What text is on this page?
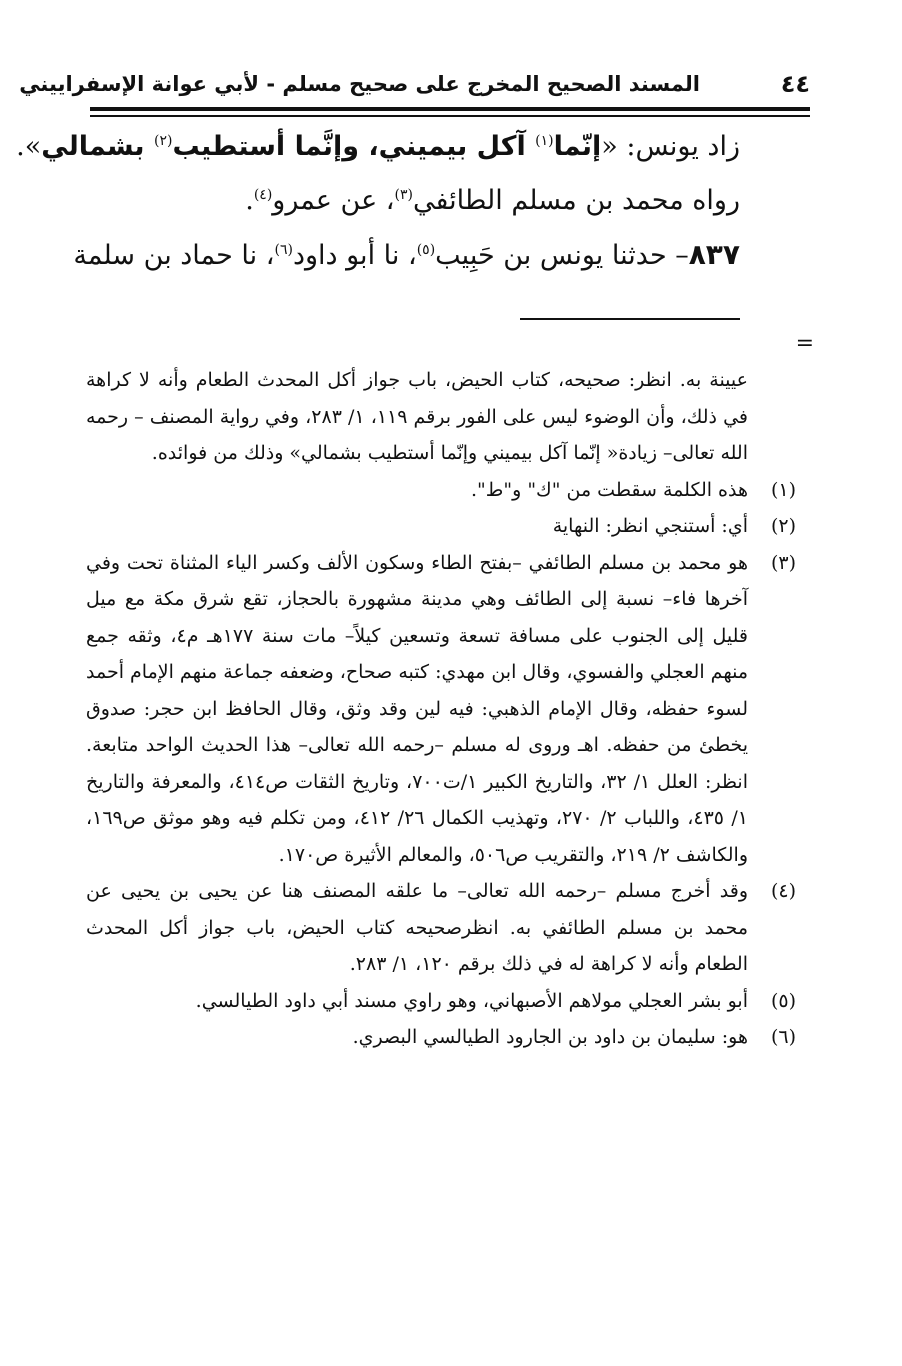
٤٤
المسند الصحيح المخرج على صحيح مسلم - لأبي عوانة الإسفراييني

زاد يونس: «إنّما$^{(١)}$ آكل بيميني، وإنَّما أستطيب$^{(٢)}$ بشمالي».

رواه محمد بن مسلم الطائفي$^{(٣)}$، عن عمرو$^{(٤)}$.

٨٣٧– حدثنا يونس بن حَبِيب$^{(٥)}$، نا أبو داود$^{(٦)}$، نا حماد بن سلمة

=

عيينة به. انظر: صحيحه، كتاب الحيض، باب جواز أكل المحدث الطعام وأنه لا كراهة في ذلك، وأن الوضوء ليس على الفور برقم ١١٩، ١/ ٢٨٣، وفي رواية المصنف – رحمه الله تعالى– زيادة« إنّما آكل بيميني وإنّما أستطيب بشمالي» وذلك من فوائده.

(١)
هذه الكلمة سقطت من "ك" و"ط".

(٢)
أي: أستنجي انظر: النهاية

(٣)
هو محمد بن مسلم الطائفي –بفتح الطاء وسكون الألف وكسر الياء المثناة تحت وفي آخرها فاء– نسبة إلى الطائف وهي مدينة مشهورة بالحجاز، تقع شرق مكة مع ميل قليل إلى الجنوب على مسافة تسعة وتسعين كيلاً– مات سنة ١٧٧هـ م٤، وثقه جمع منهم العجلي والفسوي، وقال ابن مهدي: كتبه صحاح، وضعفه جماعة منهم الإمام أحمد لسوء حفظه، وقال الإمام الذهبي: فيه لين وقد وثق، وقال الحافظ ابن حجر: صدوق يخطئ من حفظه. اهـ وروى له مسلم –رحمه الله تعالى– هذا الحديث الواحد متابعة. انظر: العلل ١/ ٣٢، والتاريخ الكبير ١/ت٧٠٠، وتاريخ الثقات ص٤١٤، والمعرفة والتاريخ ١/ ٤٣٥، واللباب ٢/ ٢٧٠، وتهذيب الكمال ٢٦/ ٤١٢، ومن تكلم فيه وهو موثق ص١٦٩، والكاشف ٢/ ٢١٩، والتقريب ص٥٠٦، والمعالم الأثيرة ص١٧٠.

(٤)
وقد أخرج مسلم –رحمه الله تعالى– ما علقه المصنف هنا عن يحيى بن يحيى عن محمد بن مسلم الطائفي به. انظرصحيحه كتاب الحيض، باب جواز أكل المحدث الطعام وأنه لا كراهة له في ذلك برقم ١٢٠، ١/ ٢٨٣.

(٥)
أبو بشر العجلي مولاهم الأصبهاني، وهو راوي مسند أبي داود الطيالسي.

(٦)
هو: سليمان بن داود بن الجارود الطيالسي البصري.
